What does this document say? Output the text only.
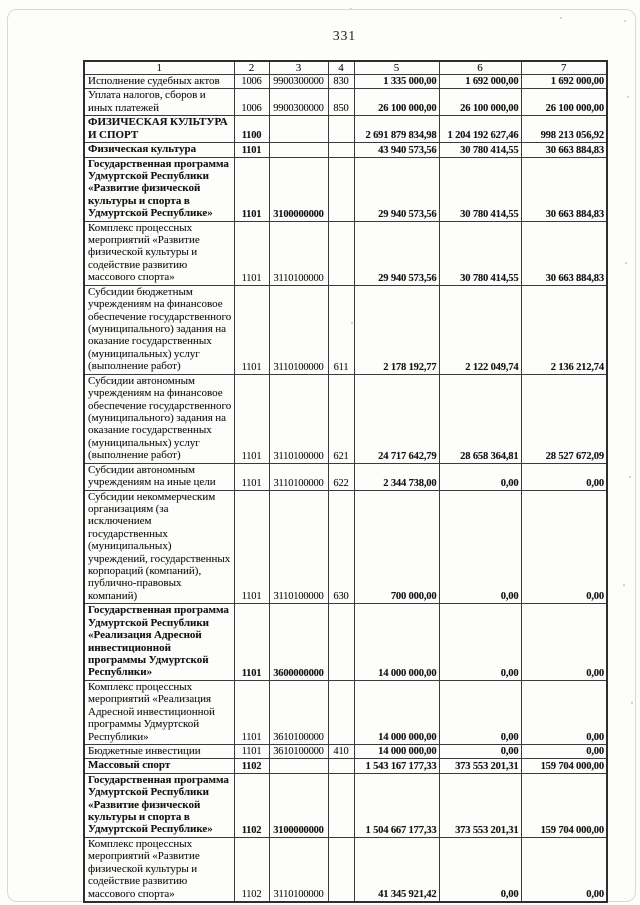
331
1	2	3	4	5	6	7
Исполнение судебных актов	1006	9900300000	830	1 335 000,00	1 692 000,00	1 692 000,00
Уплата налогов, сборов и иных платежей	1006	9900300000	850	26 100 000,00	26 100 000,00	26 100 000,00
ФИЗИЧЕСКАЯ КУЛЬТУРА И СПОРТ	1100			2 691 879 834,98	1 204 192 627,46	998 213 056,92
Физическая культура	1101			43 940 573,56	30 780 414,55	30 663 884,83
Государственная программа Удмуртской Республики «Развитие физической культуры и спорта в Удмуртской Республике»	1101	3100000000		29 940 573,56	30 780 414,55	30 663 884,83
Комплекс процессных мероприятий «Развитие физической культуры и содействие развитию массового спорта»	1101	3110100000		29 940 573,56	30 780 414,55	30 663 884,83
Субсидии бюджетным учреждениям на финансовое обеспечение государственного (муниципального) задания на оказание государственных (муниципальных) услуг (выполнение работ)	1101	3110100000	611	2 178 192,77	2 122 049,74	2 136 212,74
Субсидии автономным учреждениям на финансовое обеспечение государственного (муниципального) задания на оказание государственных (муниципальных) услуг (выполнение работ)	1101	3110100000	621	24 717 642,79	28 658 364,81	28 527 672,09
Субсидии автономным учреждениям на иные цели	1101	3110100000	622	2 344 738,00	0,00	0,00
Субсидии некоммерческим организациям (за исключением государственных (муниципальных) учреждений, государственных корпораций (компаний), публично-правовых компаний)	1101	3110100000	630	700 000,00	0,00	0,00
Государственная программа Удмуртской Республики «Реализация Адресной инвестиционной программы Удмуртской Республики»	1101	3600000000		14 000 000,00	0,00	0,00
Комплекс процессных мероприятий «Реализация Адресной инвестиционной программы Удмуртской Республики»	1101	3610100000		14 000 000,00	0,00	0,00
Бюджетные инвестиции	1101	3610100000	410	14 000 000,00	0,00	0,00
Массовый спорт	1102			1 543 167 177,33	373 553 201,31	159 704 000,00
Государственная программа Удмуртской Республики «Развитие физической культуры и спорта в Удмуртской Республике»	1102	3100000000		1 504 667 177,33	373 553 201,31	159 704 000,00
Комплекс процессных мероприятий «Развитие физической культуры и содействие развитию массового спорта»	1102	3110100000		41 345 921,42	0,00	0,00
